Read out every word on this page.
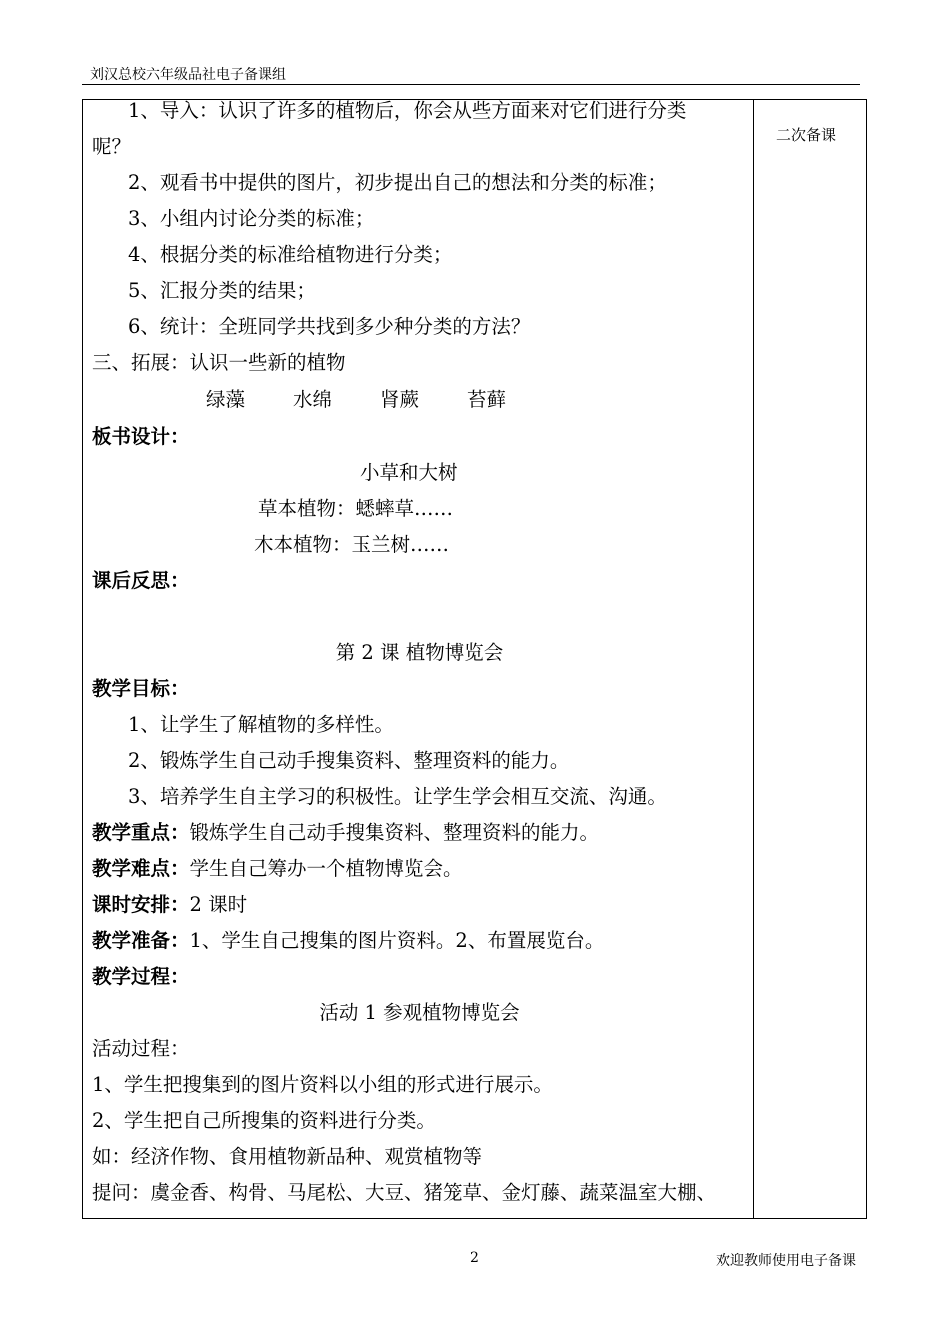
刘汉总校六年级品社电子备课组
二次备课
1、导入：认识了许多的植物后，你会从些方面来对它们进行分类
呢？
2、观看书中提供的图片，初步提出自己的想法和分类的标准；
3、小组内讨论分类的标准；
4、根据分类的标准给植物进行分类；
5、汇报分类的结果；
6、统计：全班同学共找到多少种分类的方法？
三、拓展：认识一些新的植物
绿藻 水绵 肾蕨 苔藓
板书设计：
小草和大树
草本植物：蟋蟀草……
木本植物：玉兰树……
课后反思：
第 2 课 植物博览会
教学目标：
1、让学生了解植物的多样性。
2、锻炼学生自己动手搜集资料、整理资料的能力。
3、培养学生自主学习的积极性。让学生学会相互交流、沟通。
教学重点：锻炼学生自己动手搜集资料、整理资料的能力。
教学难点：学生自己筹办一个植物博览会。
课时安排：2 课时
教学准备：1、学生自己搜集的图片资料。2、布置展览台。
教学过程：
活动 1 参观植物博览会
活动过程：
1、学生把搜集到的图片资料以小组的形式进行展示。
2、学生把自己所搜集的资料进行分类。
如：经济作物、食用植物新品种、观赏植物等
提问：虞金香、构骨、马尾松、大豆、猪笼草、金灯藤、蔬菜温室大棚、
2	欢迎教师使用电子备课
